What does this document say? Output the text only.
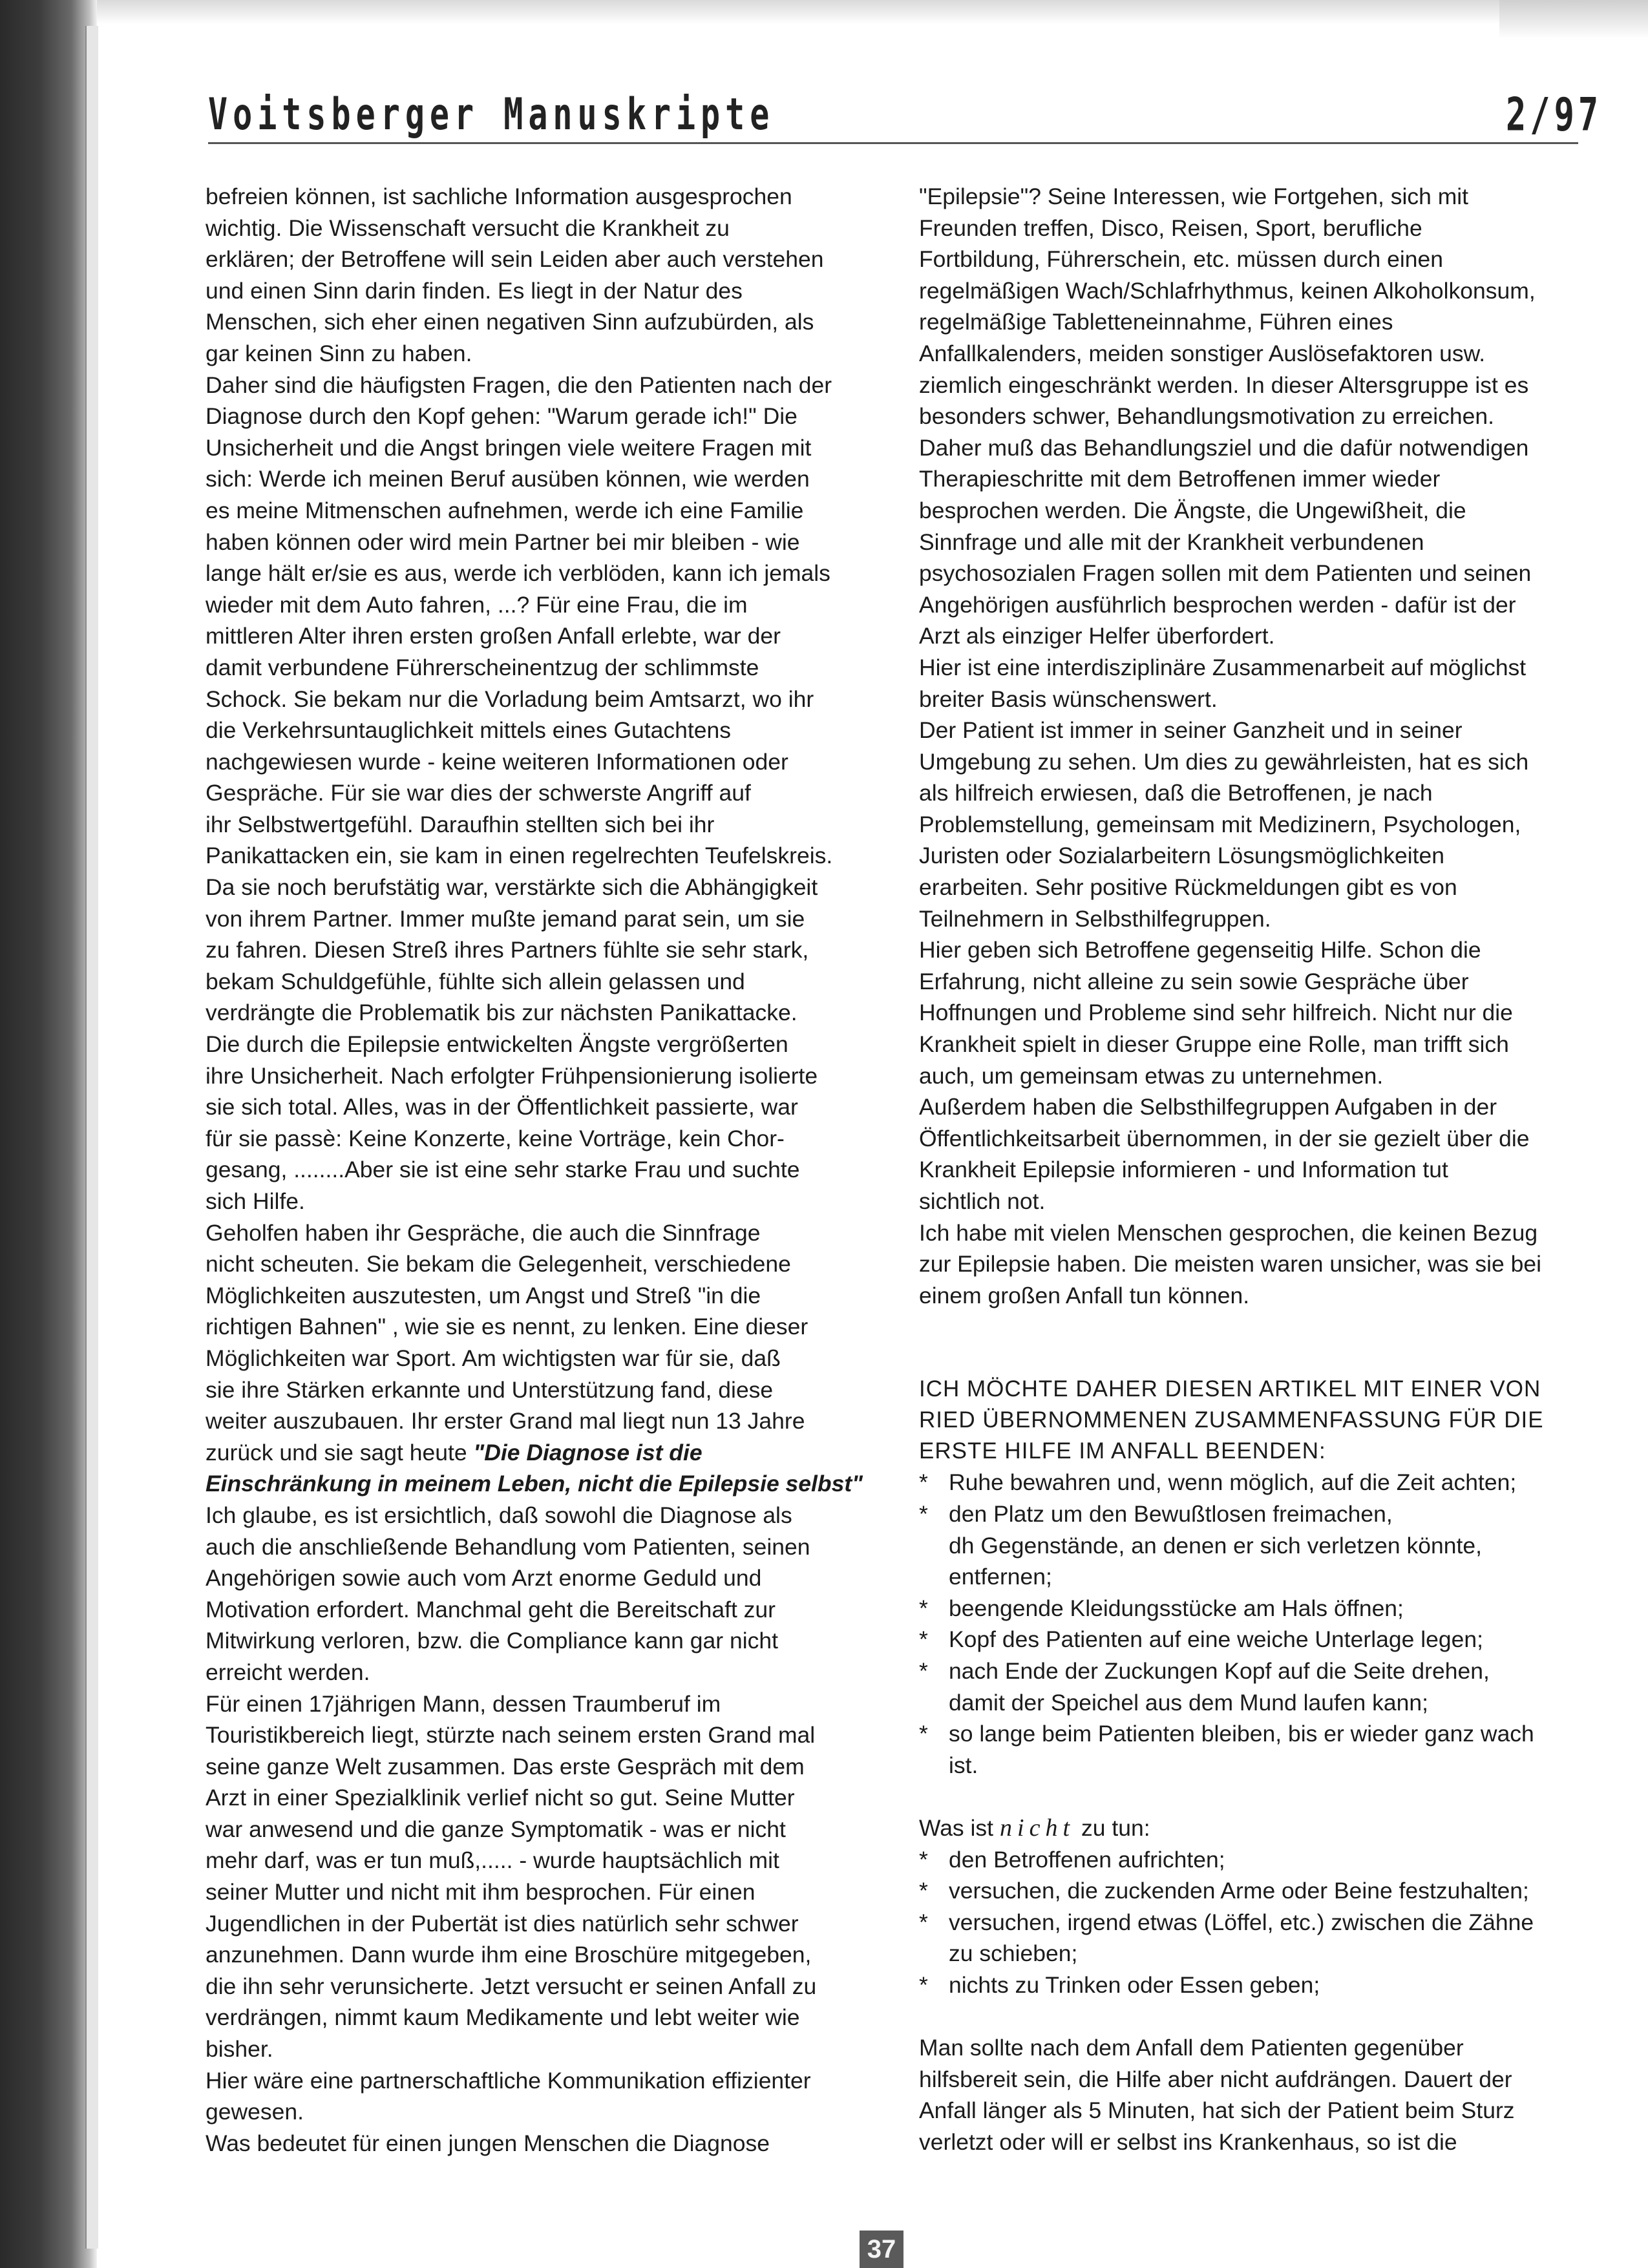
Voitsberger Manuskripte	2/97
befreien können, ist sachliche Information ausgesprochen
wichtig. Die Wissenschaft versucht die Krankheit zu
erklären; der Betroffene will sein Leiden aber auch verstehen
und einen Sinn darin finden. Es liegt in der Natur des
Menschen, sich eher einen negativen Sinn aufzubürden, als
gar keinen Sinn zu haben.
Daher sind die häufigsten Fragen, die den Patienten nach der
Diagnose durch den Kopf gehen: "Warum gerade ich!" Die
Unsicherheit und die Angst bringen viele weitere Fragen mit
sich: Werde ich meinen Beruf ausüben können, wie werden
es meine Mitmenschen aufnehmen, werde ich eine Familie
haben können oder wird mein Partner bei mir bleiben - wie
lange hält er/sie es aus, werde ich verblöden, kann ich jemals
wieder mit dem Auto fahren, ...? Für eine Frau, die im
mittleren Alter ihren ersten großen Anfall erlebte, war der
damit verbundene Führerscheinentzug der schlimmste
Schock. Sie bekam nur die Vorladung beim Amtsarzt, wo ihr
die Verkehrsuntauglichkeit mittels eines Gutachtens
nachgewiesen wurde - keine weiteren Informationen oder
Gespräche. Für sie war dies der schwerste Angriff auf
ihr Selbstwertgefühl. Daraufhin stellten sich bei ihr
Panikattacken ein, sie kam in einen regelrechten Teufelskreis.
Da sie noch berufstätig war, verstärkte sich die Abhängigkeit
von ihrem Partner. Immer mußte jemand parat sein, um sie
zu fahren. Diesen Streß ihres Partners fühlte sie sehr stark,
bekam Schuldgefühle, fühlte sich allein gelassen und
verdrängte die Problematik bis zur nächsten Panikattacke.
Die durch die Epilepsie entwickelten Ängste vergrößerten
ihre Unsicherheit. Nach erfolgter Frühpensionierung isolierte
sie sich total. Alles, was in der Öffentlichkeit passierte, war
für sie passè: Keine Konzerte, keine Vorträge, kein Chor-
gesang, ........Aber sie ist eine sehr starke Frau und suchte
sich Hilfe.
Geholfen haben ihr Gespräche, die auch die Sinnfrage
nicht scheuten. Sie bekam die Gelegenheit, verschiedene
Möglichkeiten auszutesten, um Angst und Streß "in die
richtigen Bahnen" , wie sie es nennt, zu lenken. Eine dieser
Möglichkeiten war Sport. Am wichtigsten war für sie, daß
sie ihre Stärken erkannte und Unterstützung fand, diese
weiter auszubauen. Ihr erster Grand mal liegt nun 13 Jahre
zurück und sie sagt heute "Die Diagnose ist die
Einschränkung in meinem Leben, nicht die Epilepsie selbst"
Ich glaube, es ist ersichtlich, daß sowohl die Diagnose als
auch die anschließende Behandlung vom Patienten, seinen
Angehörigen sowie auch vom Arzt enorme Geduld und
Motivation erfordert. Manchmal geht die Bereitschaft zur
Mitwirkung verloren, bzw. die Compliance kann gar nicht
erreicht werden.
Für einen 17jährigen Mann, dessen Traumberuf im
Touristikbereich liegt, stürzte nach seinem ersten Grand mal
seine ganze Welt zusammen. Das erste Gespräch mit dem
Arzt in einer Spezialklinik verlief nicht so gut. Seine Mutter
war anwesend und die ganze Symptomatik - was er nicht
mehr darf, was er tun muß,..... - wurde hauptsächlich mit
seiner Mutter und nicht mit ihm besprochen. Für einen
Jugendlichen in der Pubertät ist dies natürlich sehr schwer
anzunehmen. Dann wurde ihm eine Broschüre mitgegeben,
die ihn sehr verunsicherte. Jetzt versucht er seinen Anfall zu
verdrängen, nimmt kaum Medikamente und lebt weiter wie
bisher.
Hier wäre eine partnerschaftliche Kommunikation effizienter
gewesen.
Was bedeutet für einen jungen Menschen die Diagnose
"Epilepsie"? Seine Interessen, wie Fortgehen, sich mit
Freunden treffen, Disco, Reisen, Sport, berufliche
Fortbildung, Führerschein, etc. müssen durch einen
regelmäßigen Wach/Schlafrhythmus, keinen Alkoholkonsum,
regelmäßige Tabletteneinnahme, Führen eines
Anfallkalenders, meiden sonstiger Auslösefaktoren usw.
ziemlich eingeschränkt werden. In dieser Altersgruppe ist es
besonders schwer, Behandlungsmotivation zu erreichen.
Daher muß das Behandlungsziel und die dafür notwendigen
Therapieschritte mit dem Betroffenen immer wieder
besprochen werden. Die Ängste, die Ungewißheit, die
Sinnfrage und alle mit der Krankheit verbundenen
psychosozialen Fragen sollen mit dem Patienten und seinen
Angehörigen ausführlich besprochen werden - dafür ist der
Arzt als einziger Helfer überfordert.
Hier ist eine interdisziplinäre Zusammenarbeit auf möglichst
breiter Basis wünschenswert.
Der Patient ist immer in seiner Ganzheit und in seiner
Umgebung zu sehen. Um dies zu gewährleisten, hat es sich
als hilfreich erwiesen, daß die Betroffenen, je nach
Problemstellung, gemeinsam mit Medizinern, Psychologen,
Juristen oder Sozialarbeitern Lösungsmöglichkeiten
erarbeiten. Sehr positive Rückmeldungen gibt es von
Teilnehmern in Selbsthilfegruppen.
Hier geben sich Betroffene gegenseitig Hilfe. Schon die
Erfahrung, nicht alleine zu sein sowie Gespräche über
Hoffnungen und Probleme sind sehr hilfreich. Nicht nur die
Krankheit spielt in dieser Gruppe eine Rolle, man trifft sich
auch, um gemeinsam etwas zu unternehmen.
Außerdem haben die Selbsthilfegruppen Aufgaben in der
Öffentlichkeitsarbeit übernommen, in der sie gezielt über die
Krankheit Epilepsie informieren - und Information tut
sichtlich not.
Ich habe mit vielen Menschen gesprochen, die keinen Bezug
zur Epilepsie haben. Die meisten waren unsicher, was sie bei
einem großen Anfall tun können.
ICH MÖCHTE DAHER DIESEN ARTIKEL MIT EINER VON
RIED ÜBERNOMMENEN ZUSAMMENFASSUNG FÜR DIE
ERSTE HILFE IM ANFALL BEENDEN:
* Ruhe bewahren und, wenn möglich, auf die Zeit achten;
* den Platz um den Bewußtlosen freimachen,
dh Gegenstände, an denen er sich verletzen könnte,
entfernen;
* beengende Kleidungsstücke am Hals öffnen;
* Kopf des Patienten auf eine weiche Unterlage legen;
* nach Ende der Zuckungen Kopf auf die Seite drehen,
damit der Speichel aus dem Mund laufen kann;
* so lange beim Patienten bleiben, bis er wieder ganz wach
ist.
Was ist nicht zu tun:
* den Betroffenen aufrichten;
* versuchen, die zuckenden Arme oder Beine festzuhalten;
* versuchen, irgend etwas (Löffel, etc.) zwischen die Zähne
zu schieben;
* nichts zu Trinken oder Essen geben;
Man sollte nach dem Anfall dem Patienten gegenüber
hilfsbereit sein, die Hilfe aber nicht aufdrängen. Dauert der
Anfall länger als 5 Minuten, hat sich der Patient beim Sturz
verletzt oder will er selbst ins Krankenhaus, so ist die
37
